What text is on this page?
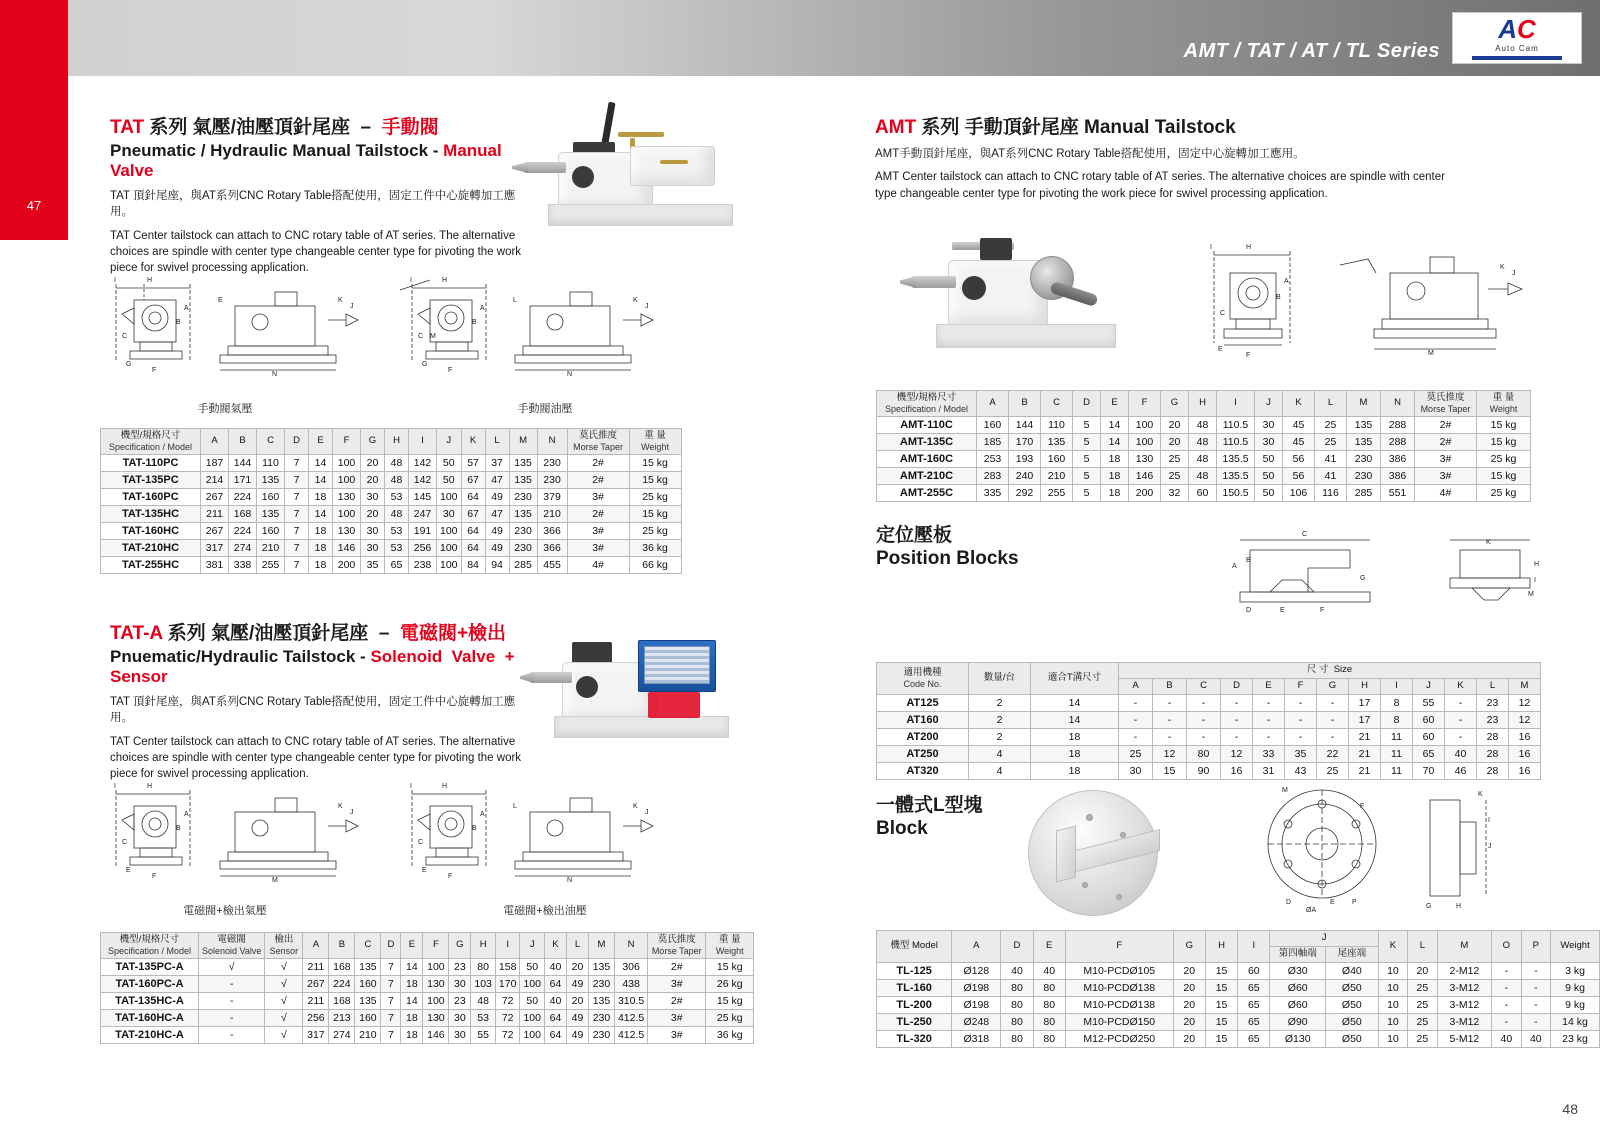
47
AMT / TAT / AT / TL Series
AC
Auto Cam
48
TAT 系列 氣壓/油壓頂針尾座  –  手動閥
Pneumatic / Hydraulic Manual Tailstock - Manual Valve

TAT 頂針尾座，與AT系列CNC Rotary Table搭配使用，固定工件中心旋轉加工應用。

TAT Center tailstock can attach to CNC rotary table of AT series. The alternative choices are spindle with center type changeable center type for pivoting the work piece for swivel processing application.

H
I
A
B
C
G
F
K
J
N
E
H
I
A
B
C
G
F
K
J
N
L
M
手動閥氣壓	手動閥油壓
機型/規格尺寸
Specification / Model	A	B	C	D	E	F	G	H	I	J	K	L	M	N	莫氏推度
Morse Taper	重 量
Weight

TAT-110PC	187	144	110	7	14	100	20	48	142	50	57	37	135	230	2#	15 kg
TAT-135PC	214	171	135	7	14	100	20	48	142	50	67	47	135	230	2#	15 kg
TAT-160PC	267	224	160	7	18	130	30	53	145	100	64	49	230	379	3#	25 kg
TAT-135HC	211	168	135	7	14	100	20	48	247	30	67	47	135	210	2#	15 kg
TAT-160HC	267	224	160	7	18	130	30	53	191	100	64	49	230	366	3#	25 kg
TAT-210HC	317	274	210	7	18	146	30	53	256	100	64	49	230	366	3#	36 kg
TAT-255HC	381	338	255	7	18	200	35	65	238	100	84	94	285	455	4#	66 kg
TAT-A 系列 氣壓/油壓頂針尾座  –  電磁閥+檢出
Pnuematic/Hydraulic Tailstock - Solenoid  Valve  +  Sensor

TAT 頂針尾座，與AT系列CNC Rotary Table搭配使用，固定工件中心旋轉加工應用。

TAT Center tailstock can attach to CNC rotary table of AT series. The alternative choices are spindle with center type changeable center type for pivoting the work piece for swivel processing application.

H
I
A
B
C
E
F
K
J
M
H
I
A
B
C
E
F
K
J
N
L
電磁閥+檢出氣壓	電磁閥+檢出油壓
機型/規格尺寸
Specification / Model	電磁閥
Solenoid Valve	檢出
Sensor	A	B	C	D	E	F	G	H	I	J	K	L	M	N	莫氏推度
Morse Taper	重 量
Weight

TAT-135PC-A	√	√	211	168	135	7	14	100	23	80	158	50	40	20	135	306	2#	15 kg
TAT-160PC-A	-	√	267	224	160	7	18	130	30	103	170	100	64	49	230	438	3#	26 kg
TAT-135HC-A	-	√	211	168	135	7	14	100	23	48	72	50	40	20	135	310.5	2#	15 kg
TAT-160HC-A	-	√	256	213	160	7	18	130	30	53	72	100	64	49	230	412.5	3#	25 kg
TAT-210HC-A	-	√	317	274	210	7	18	146	30	55	72	100	64	49	230	412.5	3#	36 kg
AMT 系列 手動頂針尾座 Manual Tailstock

AMT手動頂針尾座，與AT系列CNC Rotary Table搭配使用，固定中心旋轉加工應用。

AMT Center tailstock can attach to CNC rotary table of AT series. The alternative choices are spindle with center type changeable center type for pivoting the work piece for swivel processing application.

H
I
A
B
C
E
F
K
J
M
機型/規格尺寸
Specification / Model	A	B	C	D	E	F	G	H	I	J	K	L	M	N	莫氏推度
Morse Taper	重 量
Weight

AMT-110C	160	144	110	5	14	100	20	48	110.5	30	45	25	135	288	2#	15 kg
AMT-135C	185	170	135	5	14	100	20	48	110.5	30	45	25	135	288	2#	15 kg
AMT-160C	253	193	160	5	18	130	25	48	135.5	50	56	41	230	386	3#	25 kg
AMT-210C	283	240	210	5	18	146	25	48	135.5	50	56	41	230	386	3#	15 kg
AMT-255C	335	292	255	5	18	200	32	60	150.5	50	106	116	285	551	4#	25 kg

定位壓板

Position Blocks

C
A
B
G
D	E	F
K
H
I
M
適用機種
Code No.	數量/台	適合T溝尺寸	尺 寸  Size												
			A	B	C	D	E	F	G	H	I	J	K	L	M
AT125	2	14	-	-	-	-	-	-	-	17	8	55	-	23	12
AT160	2	14	-	-	-	-	-	-	-	17	8	60	-	23	12
AT200	2	18	-	-	-	-	-	-	-	21	11	60	-	28	16
AT250	4	18	25	12	80	12	33	35	22	21	11	65	40	28	16
AT320	4	18	30	15	90	16	31	43	25	21	11	70	46	28	16

一體式L型塊

Block

ØA
D	E P
M
F
K
I
J
G	H
機型 Model	A	D	E	F	G	H	I	J		K	L	M	O	P	Weight
								第四軸端	尾座端						
TL-125	Ø128	40	40	M10-PCDØ105	20	15	60	Ø30	Ø40	10	20	2-M12	-	-	3 kg
TL-160	Ø198	80	80	M10-PCDØ138	20	15	65	Ø60	Ø50	10	25	3-M12	-	-	9 kg
TL-200	Ø198	80	80	M10-PCDØ138	20	15	65	Ø60	Ø50	10	25	3-M12	-	-	9 kg
TL-250	Ø248	80	80	M10-PCDØ150	20	15	65	Ø90	Ø50	10	25	3-M12	-	-	14 kg
TL-320	Ø318	80	80	M12-PCDØ250	20	15	65	Ø130	Ø50	10	25	5-M12	40	40	23 kg
